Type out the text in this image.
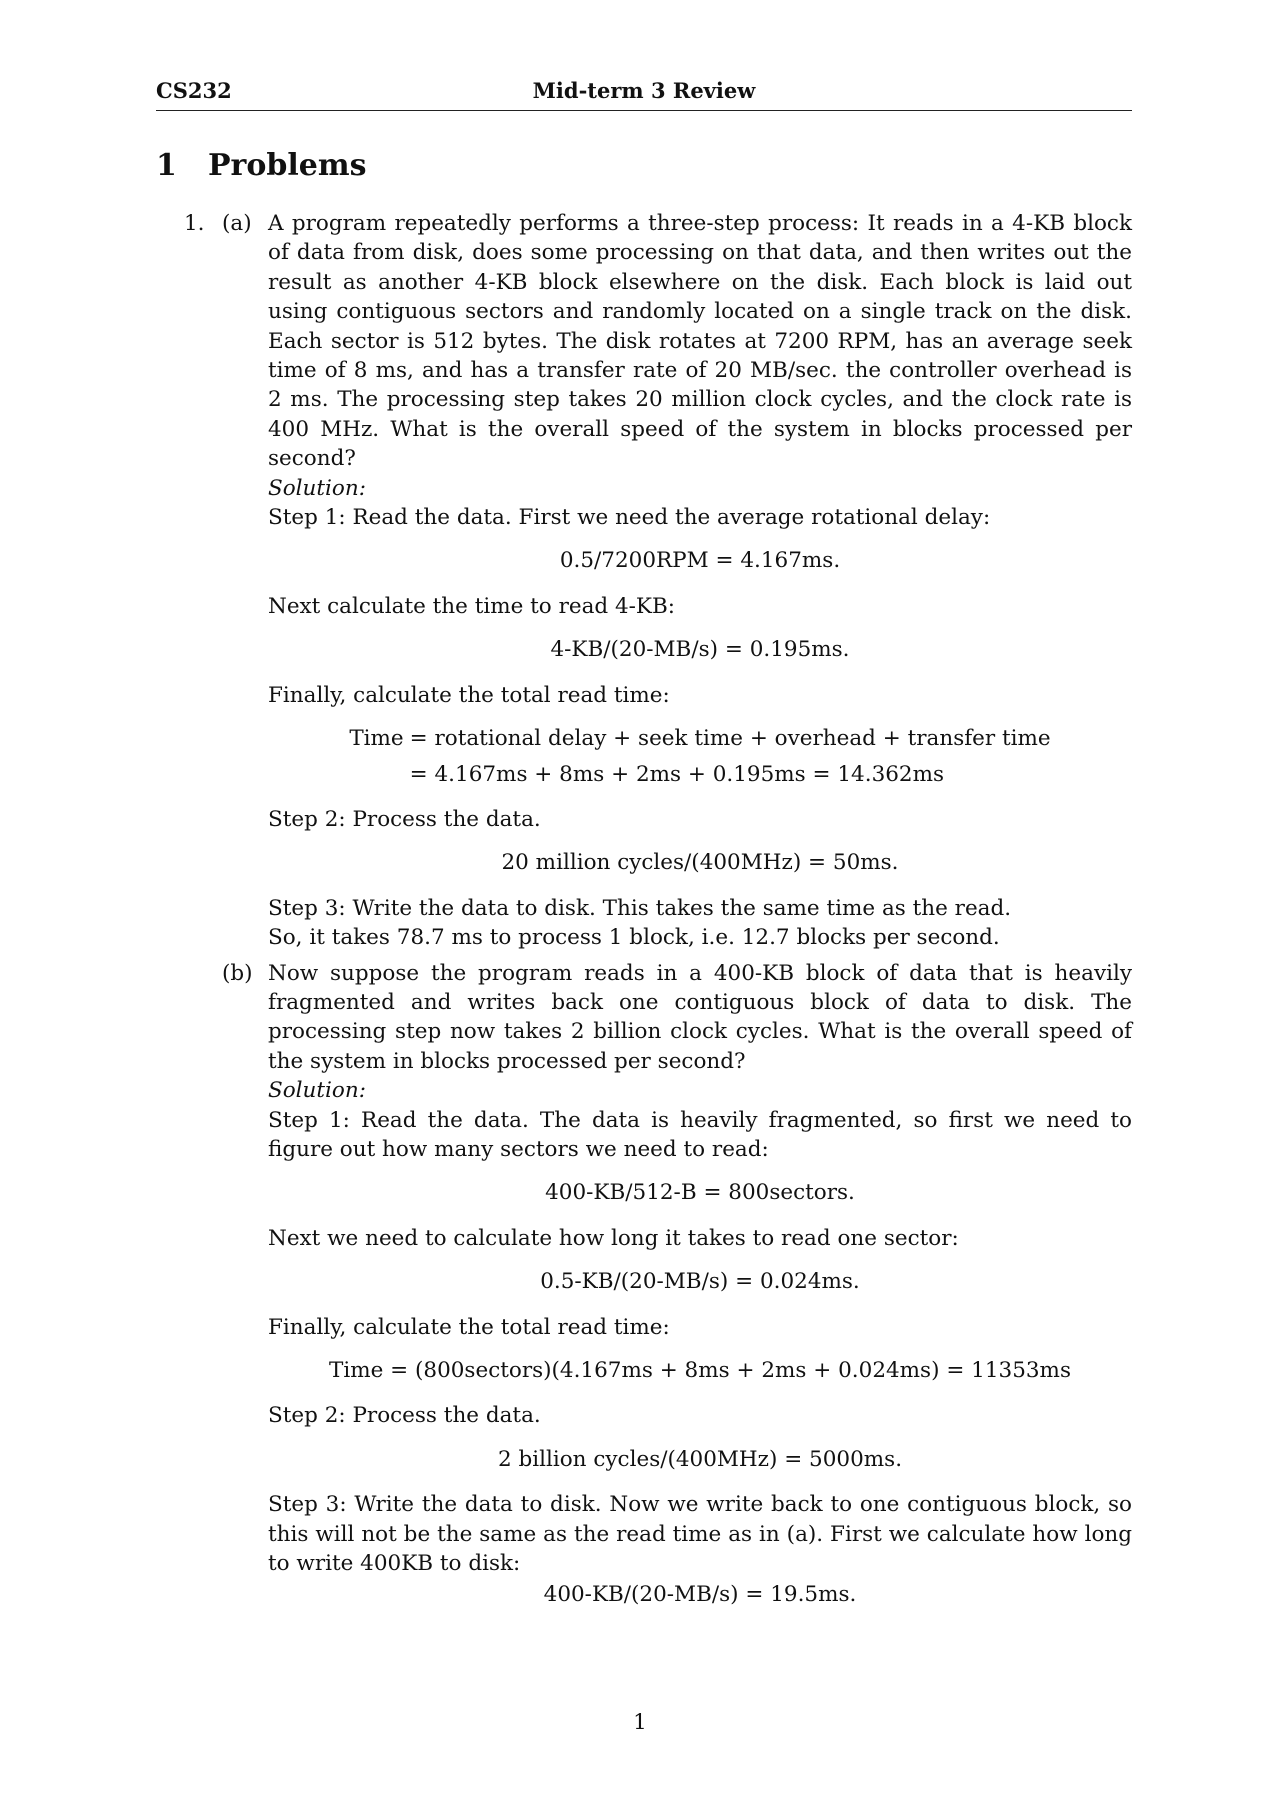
CS232	Mid-term 3 Review
1 Problems
1. (a) A program repeatedly performs a three-step process: It reads in a 4-KB block of data from disk, does some processing on that data, and then writes out the result as another 4-KB block elsewhere on the disk. Each block is laid out using contiguous sectors and randomly located on a single track on the disk. Each sector is 512 bytes. The disk rotates at 7200 RPM, has an average seek time of 8 ms, and has a transfer rate of 20 MB/sec. the controller overhead is 2 ms. The processing step takes 20 million clock cycles, and the clock rate is 400 MHz. What is the overall speed of the system in blocks processed per second?

Solution:

Step 1: Read the data. First we need the average rotational delay:

0.5/7200RPM = 4.167ms.

Next calculate the time to read 4-KB:

4-KB/(20-MB/s) = 0.195ms.

Finally, calculate the total read time:

Time = rotational delay + seek time + overhead + transfer time
= 4.167ms + 8ms + 2ms + 0.195ms = 14.362ms

Step 2: Process the data.

20 million cycles/(400MHz) = 50ms.

Step 3: Write the data to disk. This takes the same time as the read.

So, it takes 78.7 ms to process 1 block, i.e. 12.7 blocks per second.

(b) Now suppose the program reads in a 400-KB block of data that is heavily fragmented and writes back one contiguous block of data to disk. The processing step now takes 2 billion clock cycles. What is the overall speed of the system in blocks processed per second?

Solution:

Step 1: Read the data. The data is heavily fragmented, so first we need to figure out how many sectors we need to read:

400-KB/512-B = 800sectors.

Next we need to calculate how long it takes to read one sector:

0.5-KB/(20-MB/s) = 0.024ms.

Finally, calculate the total read time:

Time = (800sectors)(4.167ms + 8ms + 2ms + 0.024ms) = 11353ms

Step 2: Process the data.

2 billion cycles/(400MHz) = 5000ms.

Step 3: Write the data to disk. Now we write back to one contiguous block, so this will not be the same as the read time as in (a). First we calculate how long to write 400KB to disk:

400-KB/(20-MB/s) = 19.5ms.
1
